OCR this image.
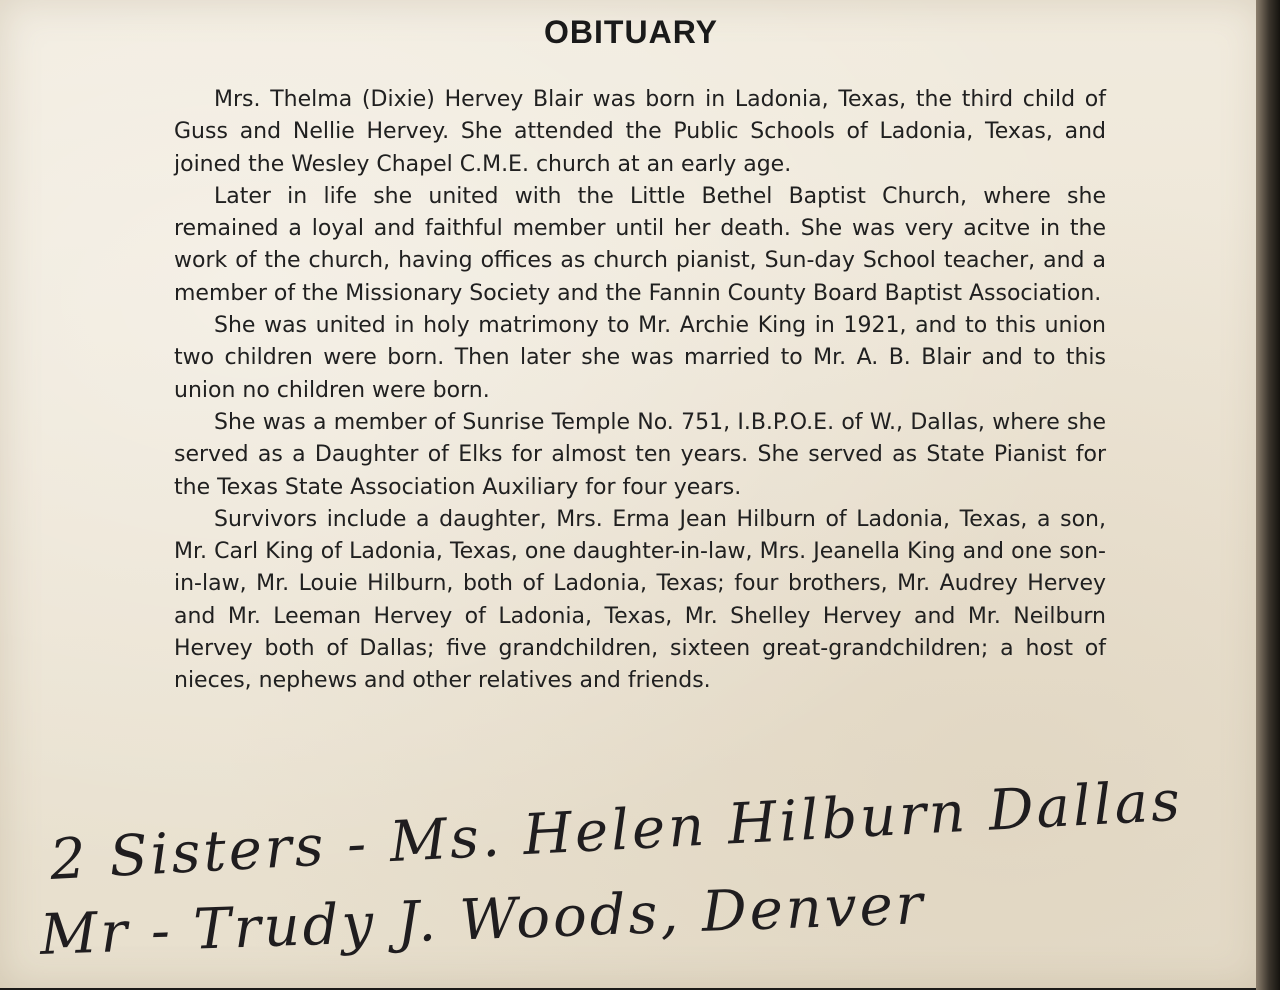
OBITUARY

Mrs. Thelma (Dixie) Hervey Blair was born in Ladonia, Texas, the third child of Guss and Nellie Hervey. She attended the Public Schools of Ladonia, Texas, and joined the Wesley Chapel C.M.E. church at an early age.

Later in life she united with the Little Bethel Baptist Church, where she remained a loyal and faithful member until her death. She was very acitve in the work of the church, having offices as church pianist, Sun-day School teacher, and a member of the Missionary Society and the Fannin County Board Baptist Association.

She was united in holy matrimony to Mr. Archie King in 1921, and to this union two children were born. Then later she was married to Mr. A. B. Blair and to this union no children were born.

She was a member of Sunrise Temple No. 751, I.B.P.O.E. of W., Dallas, where she served as a Daughter of Elks for almost ten years. She served as State Pianist for the Texas State Association Auxiliary for four years.

Survivors include a daughter, Mrs. Erma Jean Hilburn of Ladonia, Texas, a son, Mr. Carl King of Ladonia, Texas, one daughter-in-law, Mrs. Jeanella King and one son-in-law, Mr. Louie Hilburn, both of Ladonia, Texas; four brothers, Mr. Audrey Hervey and Mr. Leeman Hervey of Ladonia, Texas, Mr. Shelley Hervey and Mr. Neilburn Hervey both of Dallas; five grandchildren, sixteen great-grandchildren; a host of nieces, nephews and other relatives and friends.

2 Sisters - Ms. Helen Hilburn Dallas
Mr - Trudy J. Woods, Denver
